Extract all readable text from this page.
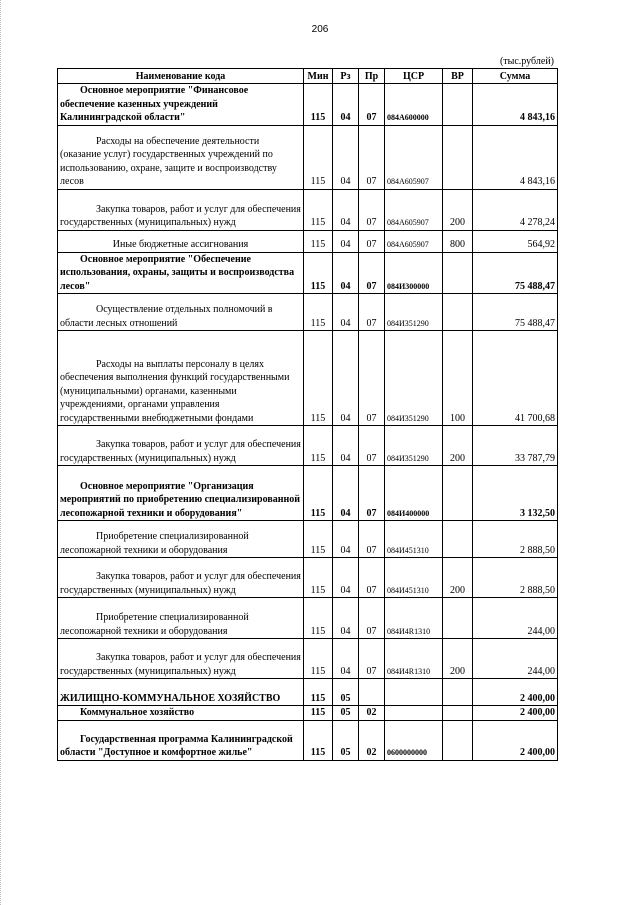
206
(тыс.рублей)
Наименование кода	Мин	Рз	Пр	ЦСР	ВР	Сумма

Основное мероприятие "Финансовое обеспечение казенных учреждений Калининградской области"	115	04	07	084А600000		4 843,16

Расходы на обеспечение деятельности (оказание услуг) государственных учреждений по использованию, охране, защите и воспроизводству лесов	115	04	07	084А605907		4 843,16

Закупка товаров, работ и услуг для обеспечения государственных (муниципальных) нужд	115	04	07	084А605907	200	4 278,24

Иные бюджетные ассигнования	115	04	07	084А605907	800	564,92

Основное мероприятие "Обеспечение использования, охраны, защиты и воспроизводства лесов"	115	04	07	084И300000		75 488,47

Осуществление отдельных полномочий в области лесных отношений	115	04	07	084И351290		75 488,47

Расходы на выплаты персоналу в целях обеспечения выполнения функций государственными (муниципальными) органами, казенными учреждениями, органами управления государственными внебюджетными фондами	115	04	07	084И351290	100	41 700,68

Закупка товаров, работ и услуг для обеспечения государственных (муниципальных) нужд	115	04	07	084И351290	200	33 787,79

Основное мероприятие "Организация мероприятий по приобретению специализированной лесопожарной техники и оборудования"	115	04	07	084И400000		3 132,50

Приобретение специализированной лесопожарной техники и оборудования	115	04	07	084И451310		2 888,50

Закупка товаров, работ и услуг для обеспечения государственных (муниципальных) нужд	115	04	07	084И451310	200	2 888,50

Приобретение специализированной лесопожарной техники и оборудования	115	04	07	084И4R1310		244,00

Закупка товаров, работ и услуг для обеспечения государственных (муниципальных) нужд	115	04	07	084И4R1310	200	244,00
ЖИЛИЩНО-КОММУНАЛЬНОЕ ХОЗЯЙСТВО	115	05				2 400,00

Коммунальное хозяйство	115	05	02			2 400,00

Государственная программа Калининградской области "Доступное и комфортное жилье"	115	05	02	0600000000		2 400,00
